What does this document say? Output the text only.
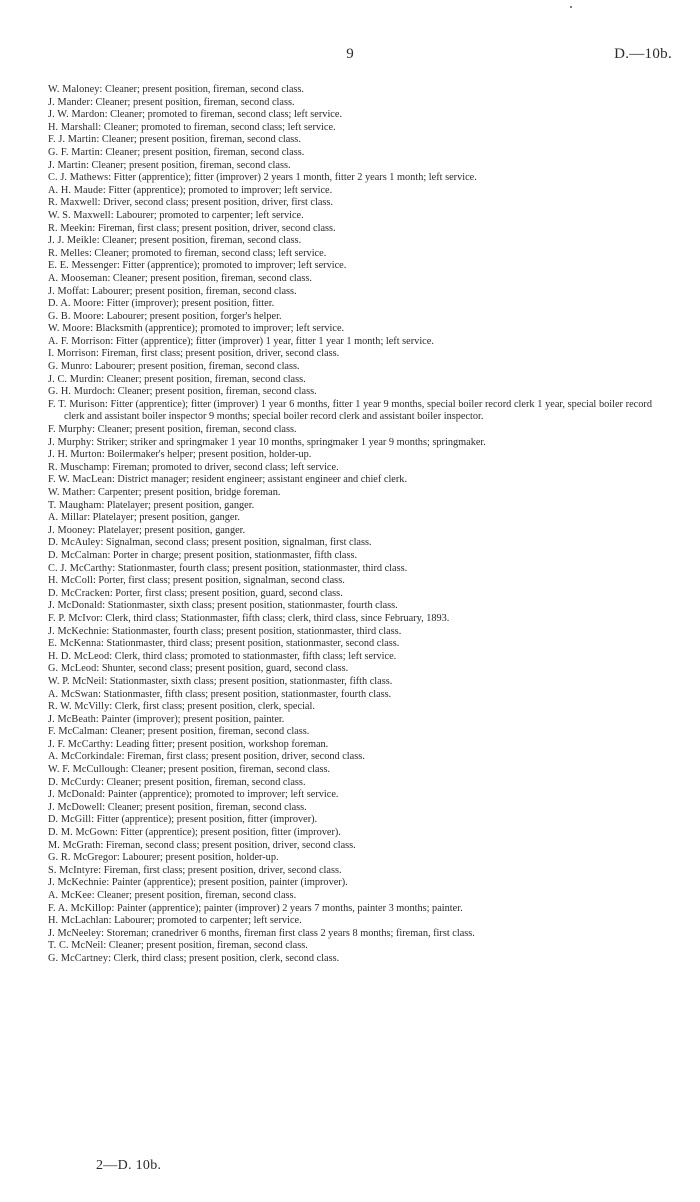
9	D.—10b.
W. Maloney: Cleaner; present position, fireman, second class.
J. Mander: Cleaner; present position, fireman, second class.
J. W. Mardon: Cleaner; promoted to fireman, second class; left service.
H. Marshall: Cleaner; promoted to fireman, second class; left service.
F. J. Martin: Cleaner; present position, fireman, second class.
G. F. Martin: Cleaner; present position, fireman, second class.
J. Martin: Cleaner; present position, fireman, second class.
C. J. Mathews: Fitter (apprentice); fitter (improver) 2 years 1 month, fitter 2 years 1 month; left service.
A. H. Maude: Fitter (apprentice); promoted to improver; left service.
R. Maxwell: Driver, second class; present position, driver, first class.
W. S. Maxwell: Labourer; promoted to carpenter; left service.
R. Meekin: Fireman, first class; present position, driver, second class.
J. J. Meikle: Cleaner; present position, fireman, second class.
R. Melles: Cleaner; promoted to fireman, second class; left service.
E. E. Messenger: Fitter (apprentice); promoted to improver; left service.
A. Mooseman: Cleaner; present position, fireman, second class.
J. Moffat: Labourer; present position, fireman, second class.
D. A. Moore: Fitter (improver); present position, fitter.
G. B. Moore: Labourer; present position, forger's helper.
W. Moore: Blacksmith (apprentice); promoted to improver; left service.
A. F. Morrison: Fitter (apprentice); fitter (improver) 1 year, fitter 1 year 1 month; left service.
I. Morrison: Fireman, first class; present position, driver, second class.
G. Munro: Labourer; present position, fireman, second class.
J. C. Murdin: Cleaner; present position, fireman, second class.
G. H. Murdoch: Cleaner; present position, fireman, second class.
F. T. Murison: Fitter (apprentice); fitter (improver) 1 year 6 months, fitter 1 year 9 months, special boiler record clerk 1 year, special boiler record clerk and assistant boiler inspector 9 months; special boiler record clerk and assistant boiler inspector.
F. Murphy: Cleaner; present position, fireman, second class.
J. Murphy: Striker; striker and springmaker 1 year 10 months, springmaker 1 year 9 months; springmaker.
J. H. Murton: Boilermaker's helper; present position, holder-up.
R. Muschamp: Fireman; promoted to driver, second class; left service.
F. W. MacLean: District manager; resident engineer; assistant engineer and chief clerk.
W. Mather: Carpenter; present position, bridge foreman.
T. Maugham: Platelayer; present position, ganger.
A. Millar: Platelayer; present position, ganger.
J. Mooney: Platelayer; present position, ganger.
D. McAuley: Signalman, second class; present position, signalman, first class.
D. McCalman: Porter in charge; present position, stationmaster, fifth class.
C. J. McCarthy: Stationmaster, fourth class; present position, stationmaster, third class.
H. McColl: Porter, first class; present position, signalman, second class.
D. McCracken: Porter, first class; present position, guard, second class.
J. McDonald: Stationmaster, sixth class; present position, stationmaster, fourth class.
F. P. McIvor: Clerk, third class; Stationmaster, fifth class; clerk, third class, since February, 1893.
J. McKechnie: Stationmaster, fourth class; present position, stationmaster, third class.
E. McKenna: Stationmaster, third class; present position, stationmaster, second class.
H. D. McLeod: Clerk, third class; promoted to stationmaster, fifth class; left service.
G. McLeod: Shunter, second class; present position, guard, second class.
W. P. McNeil: Stationmaster, sixth class; present position, stationmaster, fifth class.
A. McSwan: Stationmaster, fifth class; present position, stationmaster, fourth class.
R. W. McVilly: Clerk, first class; present position, clerk, special.
J. McBeath: Painter (improver); present position, painter.
F. McCalman: Cleaner; present position, fireman, second class.
J. F. McCarthy: Leading fitter; present position, workshop foreman.
A. McCorkindale: Fireman, first class; present position, driver, second class.
W. F. McCullough: Cleaner; present position, fireman, second class.
D. McCurdy: Cleaner; present position, fireman, second class.
J. McDonald: Painter (apprentice); promoted to improver; left service.
J. McDowell: Cleaner; present position, fireman, second class.
D. McGill: Fitter (apprentice); present position, fitter (improver).
D. M. McGown: Fitter (apprentice); present position, fitter (improver).
M. McGrath: Fireman, second class; present position, driver, second class.
G. R. McGregor: Labourer; present position, holder-up.
S. McIntyre: Fireman, first class; present position, driver, second class.
J. McKechnie: Painter (apprentice); present position, painter (improver).
A. McKee: Cleaner; present position, fireman, second class.
F. A. McKillop: Painter (apprentice); painter (improver) 2 years 7 months, painter 3 months; painter.
H. McLachlan: Labourer; promoted to carpenter; left service.
J. McNeeley: Storeman; cranedriver 6 months, fireman first class 2 years 8 months; fireman, first class.
T. C. McNeil: Cleaner; present position, fireman, second class.
G. McCartney: Clerk, third class; present position, clerk, second class.
2—D. 10b.
